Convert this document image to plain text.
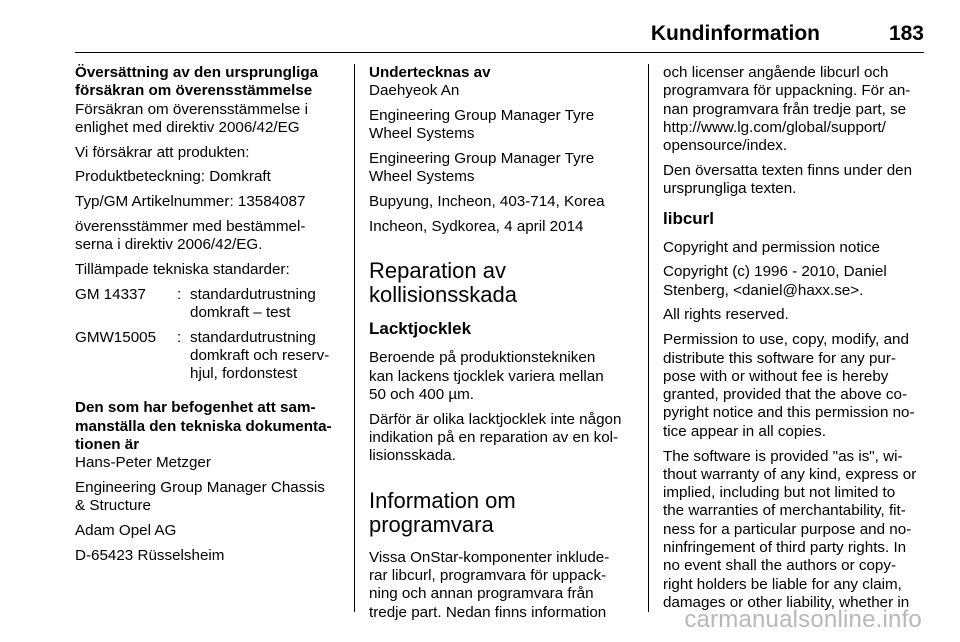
Kundinformation	183
Översättning av den ursprungliga
försäkran om överensstämmelse
Försäkran om överensstämmelse i
enlighet med direktiv 2006/42/EG
Vi försäkrar att produkten:
Produktbeteckning: Domkraft
Typ/GM Artikelnummer: 13584087
överensstämmer med bestämmel-
serna i direktiv 2006/42/EG.
Tillämpade tekniska standarder:
GM 14337	: standardutrustning
domkraft – test
GMW15005	: standardutrustning
domkraft och reserv-
hjul, fordonstest
Den som har befogenhet att sam-
manställa den tekniska dokumenta-
tionen är
Hans-Peter Metzger
Engineering Group Manager Chassis
& Structure
Adam Opel AG
D-65423 Rüsselsheim
Undertecknas av
Daehyeok An
Engineering Group Manager Tyre
Wheel Systems
Engineering Group Manager Tyre
Wheel Systems
Bupyung, Incheon, 403-714, Korea
Incheon, Sydkorea, 4 april 2014
Reparation av
kollisionsskada
Lacktjocklek
Beroende på produktionstekniken
kan lackens tjocklek variera mellan
50 och 400 µm.
Därför är olika lacktjocklek inte någon
indikation på en reparation av en kol-
lisionsskada.
Information om
programvara
Vissa OnStar-komponenter inklude-
rar libcurl, programvara för uppack-
ning och annan programvara från
tredje part. Nedan finns information
och licenser angående libcurl och
programvara för uppackning. För an-
nan programvara från tredje part, se
http://www.lg.com/global/support/
opensource/index.
Den översatta texten finns under den
ursprungliga texten.
libcurl
Copyright and permission notice
Copyright (c) 1996 - 2010, Daniel
Stenberg, <daniel@haxx.se>.
All rights reserved.
Permission to use, copy, modify, and
distribute this software for any pur-
pose with or without fee is hereby
granted, provided that the above co-
pyright notice and this permission no-
tice appear in all copies.
The software is provided "as is", wi-
thout warranty of any kind, express or
implied, including but not limited to
the warranties of merchantability, fit-
ness for a particular purpose and no-
ninfringement of third party rights. In
no event shall the authors or copy-
right holders be liable for any claim,
damages or other liability, whether in
carmanualsonline.info
